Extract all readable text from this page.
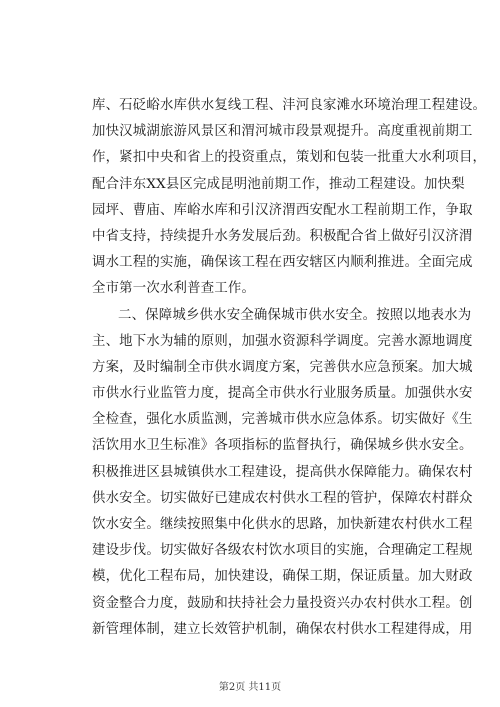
库、石砭峪水库供水复线工程、沣河良家滩水环境治理工程建设。
加快汉城湖旅游风景区和渭河城市段景观提升。高度重视前期工
作，紧扣中央和省上的投资重点，策划和包装一批重大水利项目，
配合沣东XX县区完成昆明池前期工作，推动工程建设。加快梨
园坪、曹庙、库峪水库和引汉济渭西安配水工程前期工作，争取
中省支持，持续提升水务发展后劲。积极配合省上做好引汉济渭
调水工程的实施，确保该工程在西安辖区内顺利推进。全面完成
全市第一次水利普查工作。
二、保障城乡供水安全确保城市供水安全。按照以地表水为
主、地下水为辅的原则，加强水资源科学调度。完善水源地调度
方案，及时编制全市供水调度方案，完善供水应急预案。加大城
市供水行业监管力度，提高全市供水行业服务质量。加强供水安
全检查，强化水质监测，完善城市供水应急体系。切实做好《生
活饮用水卫生标准》各项指标的监督执行，确保城乡供水安全。
积极推进区县城镇供水工程建设，提高供水保障能力。确保农村
供水安全。切实做好已建成农村供水工程的管护，保障农村群众
饮水安全。继续按照集中化供水的思路，加快新建农村供水工程
建设步伐。切实做好各级农村饮水项目的实施，合理确定工程规
模，优化工程布局，加快建设，确保工期，保证质量。加大财政
资金整合力度，鼓励和扶持社会力量投资兴办农村供水工程。创
新管理体制，建立长效管护机制，确保农村供水工程建得成，用
第2页 共11页
